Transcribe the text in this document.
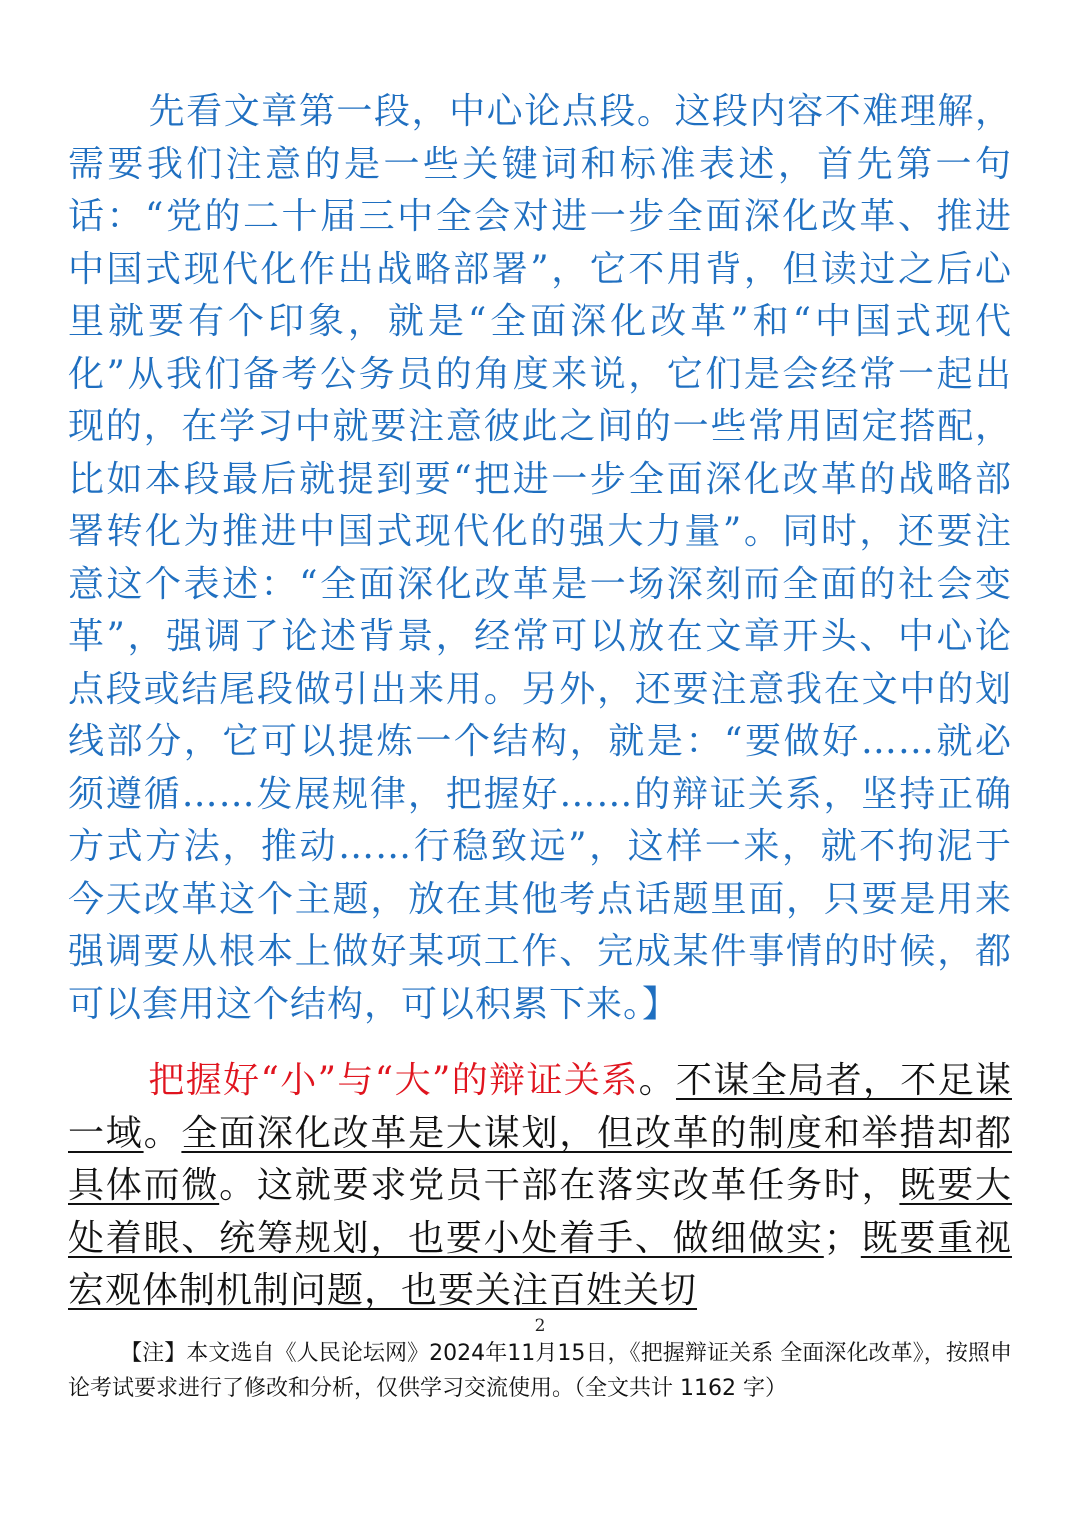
先看文章第一段，中心论点段。这段内容不难理解，需要我们注意的是一些关键词和标准表述，首先第一句话：“党的二十届三中全会对进一步全面深化改革、推进中国式现代化作出战略部署”，它不用背，但读过之后心里就要有个印象，就是“全面深化改革”和“中国式现代化”从我们备考公务员的角度来说，它们是会经常一起出现的，在学习中就要注意彼此之间的一些常用固定搭配，比如本段最后就提到要“把进一步全面深化改革的战略部署转化为推进中国式现代化的强大力量”。同时，还要注意这个表述：“全面深化改革是一场深刻而全面的社会变革”，强调了论述背景，经常可以放在文章开头、中心论点段或结尾段做引出来用。另外，还要注意我在文中的划线部分，它可以提炼一个结构，就是：“要做好……就必须遵循……发展规律，把握好……的辩证关系，坚持正确方式方法，推动……行稳致远”，这样一来，就不拘泥于今天改革这个主题，放在其他考点话题里面，只要是用来强调要从根本上做好某项工作、完成某件事情的时候，都可以套用这个结构，可以积累下来。】
把握好“小”与“大”的辩证关系。不谋全局者，不足谋一域。全面深化改革是大谋划，但改革的制度和举措却都具体而微。这就要求党员干部在落实改革任务时，既要大处着眼、统筹规划，也要小处着手、做细做实；既要重视宏观体制机制问题，也要关注百姓关切
2
【注】本文选自《人民论坛网》2024年11月15日，《把握辩证关系 全面深化改革》，按照申论考试要求进行了修改和分析，仅供学习交流使用。（全文共计 1162 字）
